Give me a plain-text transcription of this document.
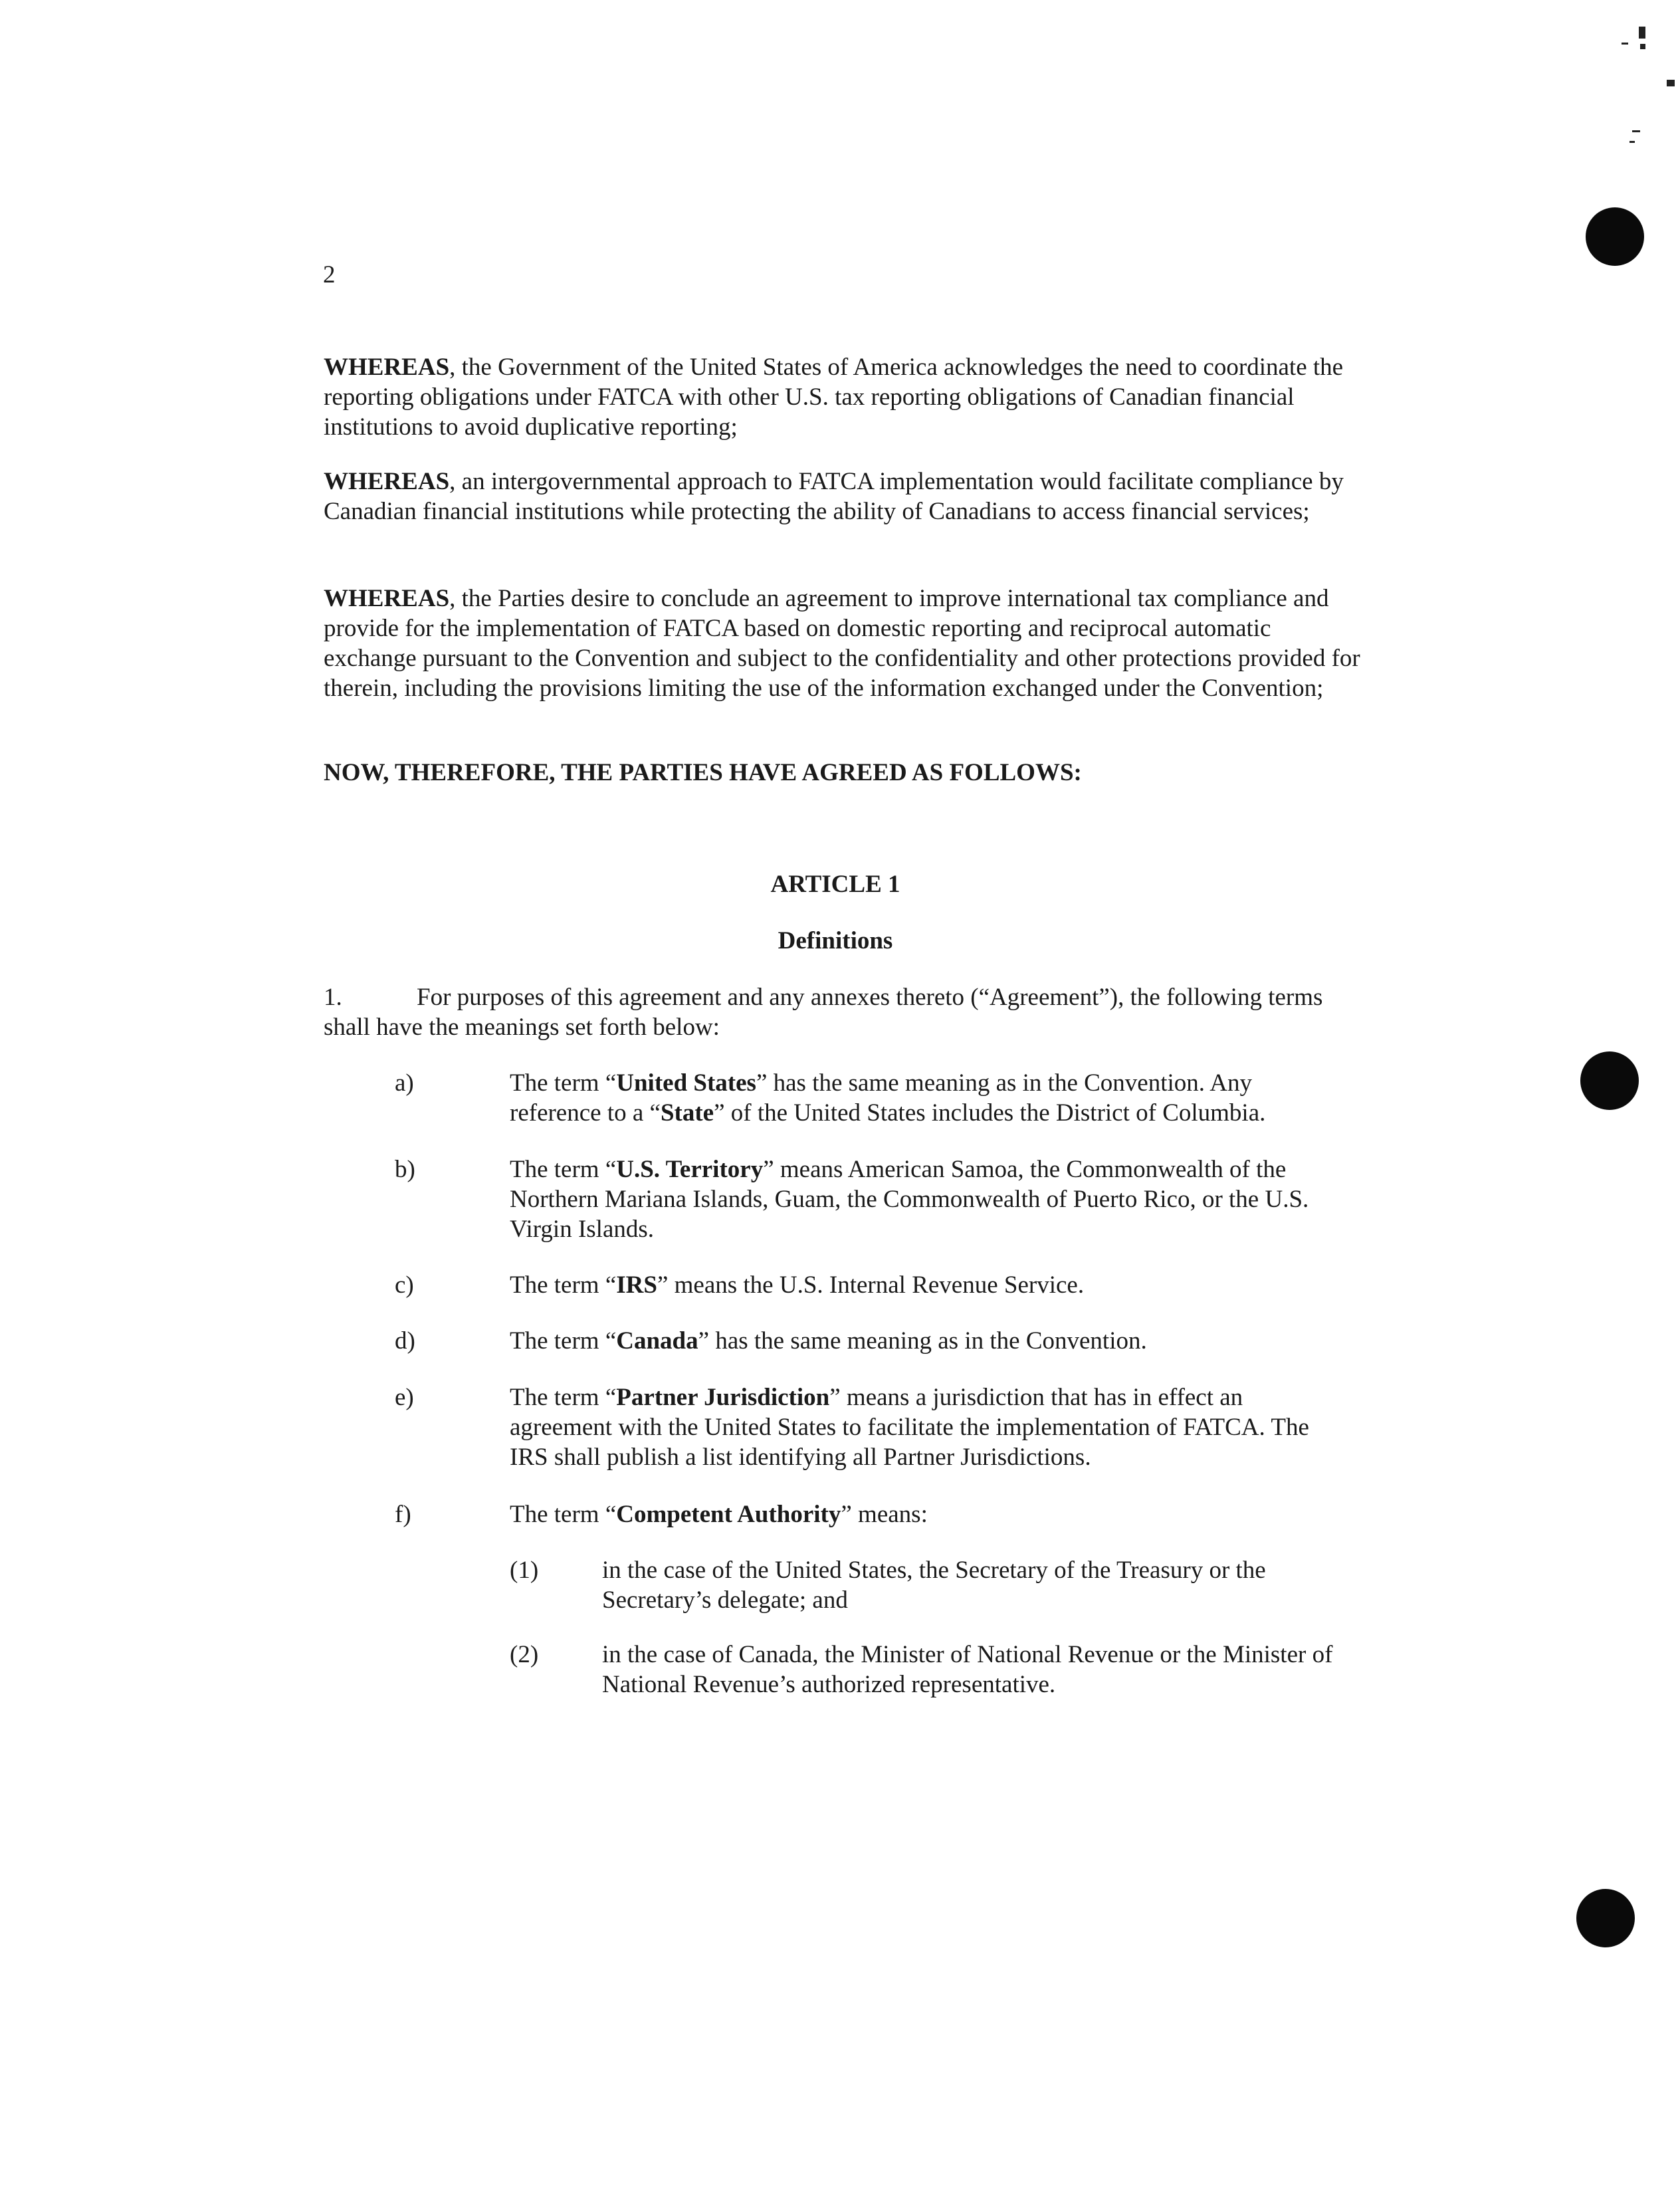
2

WHEREAS, the Government of the United States of America acknowledges the need to coordinate the reporting obligations under FATCA with other U.S. tax reporting obligations of Canadian financial institutions to avoid duplicative reporting;

WHEREAS, an intergovernmental approach to FATCA implementation would facilitate compliance by Canadian financial institutions while protecting the ability of Canadians to access financial services;

WHEREAS, the Parties desire to conclude an agreement to improve international tax compliance and provide for the implementation of FATCA based on domestic reporting and reciprocal automatic exchange pursuant to the Convention and subject to the confidentiality and other protections provided for therein, including the provisions limiting the use of the information exchanged under the Convention;

NOW, THEREFORE, THE PARTIES HAVE AGREED AS FOLLOWS:

ARTICLE 1

Definitions

1.	For purposes of this agreement and any annexes thereto (“Agreement”), the following terms shall have the meanings set forth below:
a)	The term “United States” has the same meaning as in the Convention. Any reference to a “State” of the United States includes the District of Columbia.

b)	The term “U.S. Territory” means American Samoa, the Commonwealth of the Northern Mariana Islands, Guam, the Commonwealth of Puerto Rico, or the U.S. Virgin Islands.

c)	The term “IRS” means the U.S. Internal Revenue Service.

d)	The term “Canada” has the same meaning as in the Convention.

e)	The term “Partner Jurisdiction” means a jurisdiction that has in effect an agreement with the United States to facilitate the implementation of FATCA. The IRS shall publish a list identifying all Partner Jurisdictions.

f)	The term “Competent Authority” means:

(1)	in the case of the United States, the Secretary of the Treasury or the Secretary’s delegate; and

(2)	in the case of Canada, the Minister of National Revenue or the Minister of National Revenue’s authorized representative.
